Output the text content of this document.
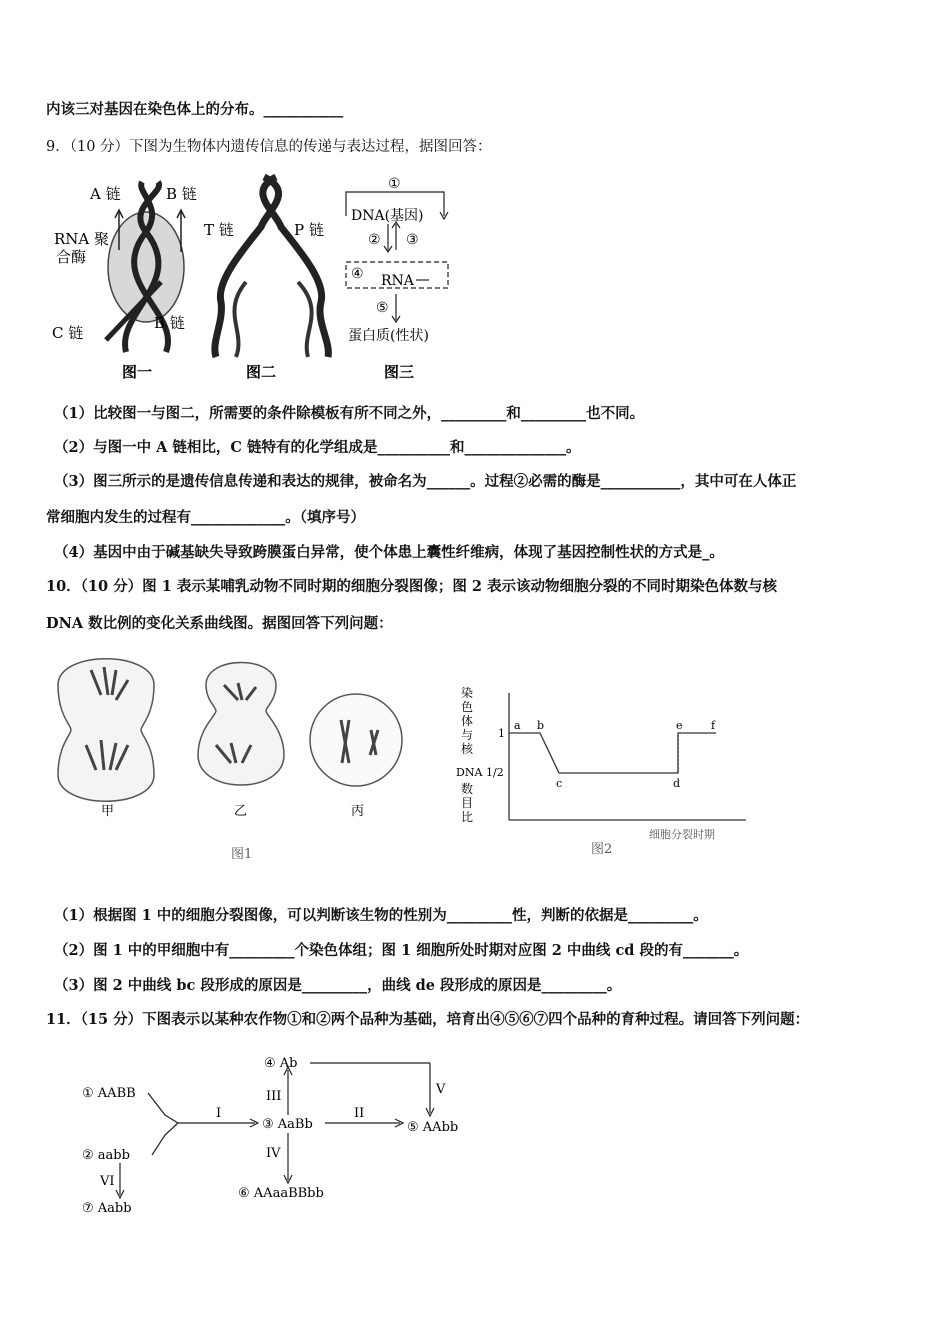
内该三对基因在染色体上的分布。___________
9．（10 分）下图为生物体内遗传信息的传递与表达过程，据图回答：
A 链	B 链
RNA 聚
合酶
C 链
B 链
图一
T 链	P 链
图二
①
DNA(基因)
② ③
④ RNA
⑤
蛋白质(性状)
图三
（1）比较图一与图二，所需要的条件除模板有所不同之外，_________和_________也不同。
（2）与图一中 A 链相比，C 链特有的化学组成是__________和______________。
（3）图三所示的是遗传信息传递和表达的规律，被命名为______。过程②必需的酶是___________，其中可在人体正
常细胞内发生的过程有_____________。（填序号）
（4）基因中由于碱基缺失导致跨膜蛋白异常，使个体患上囊性纤维病，体现了基因控制性状的方式是_。
10．（10 分）图 1 表示某哺乳动物不同时期的细胞分裂图像；图 2 表示该动物细胞分裂的不同时期染色体数与核
DNA 数比例的变化关系曲线图。据图回答下列问题：
甲	乙	丙
图1
染
色
体
与
核
DNA
数
目
比
1
1/2
a b
c	d
e	f
细胞分裂时期
图2
（1）根据图 1 中的细胞分裂图像，可以判断该生物的性别为_________性，判断的依据是_________。
（2）图 1 中的甲细胞中有_________个染色体组；图 1 细胞所处时期对应图 2 中曲线 cd 段的有_______。
（3）图 2 中曲线 bc 段形成的原因是_________，曲线 de 段形成的原因是_________。
11．（15 分）下图表示以某种农作物①和②两个品种为基础，培育出④⑤⑥⑦四个品种的育种过程。请回答下列问题：
① AABB
② aabb
③ AaBb
④ Ab
⑤ AAbb
⑥ AAaaBBbb
⑦ Aabb
I	II
III
IV
V
VI
